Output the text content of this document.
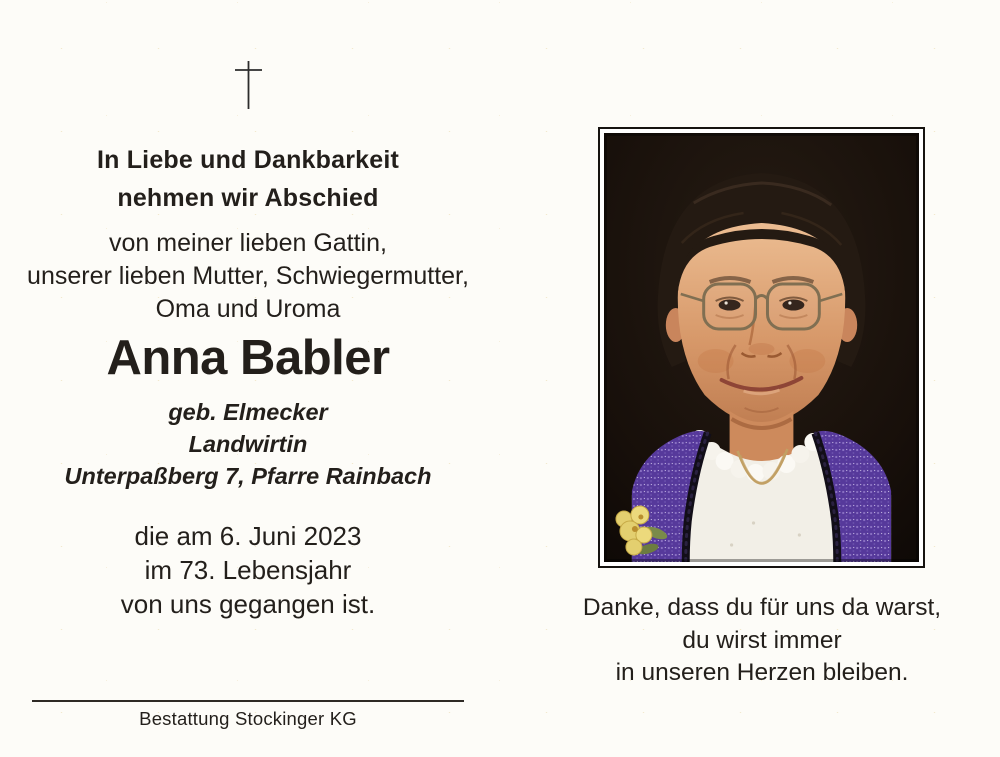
In Liebe und Dankbarkeit
nehmen wir Abschied
von meiner lieben Gattin,
unserer lieben Mutter, Schwiegermutter,
Oma und Uroma
Anna Babler
geb. Elmecker
Landwirtin
Unterpaßberg 7, Pfarre Rainbach
die am 6. Juni 2023
im 73. Lebensjahr
von uns gegangen ist.
Bestattung Stockinger KG
Danke, dass du für uns da warst,
du wirst immer
in unseren Herzen bleiben.
